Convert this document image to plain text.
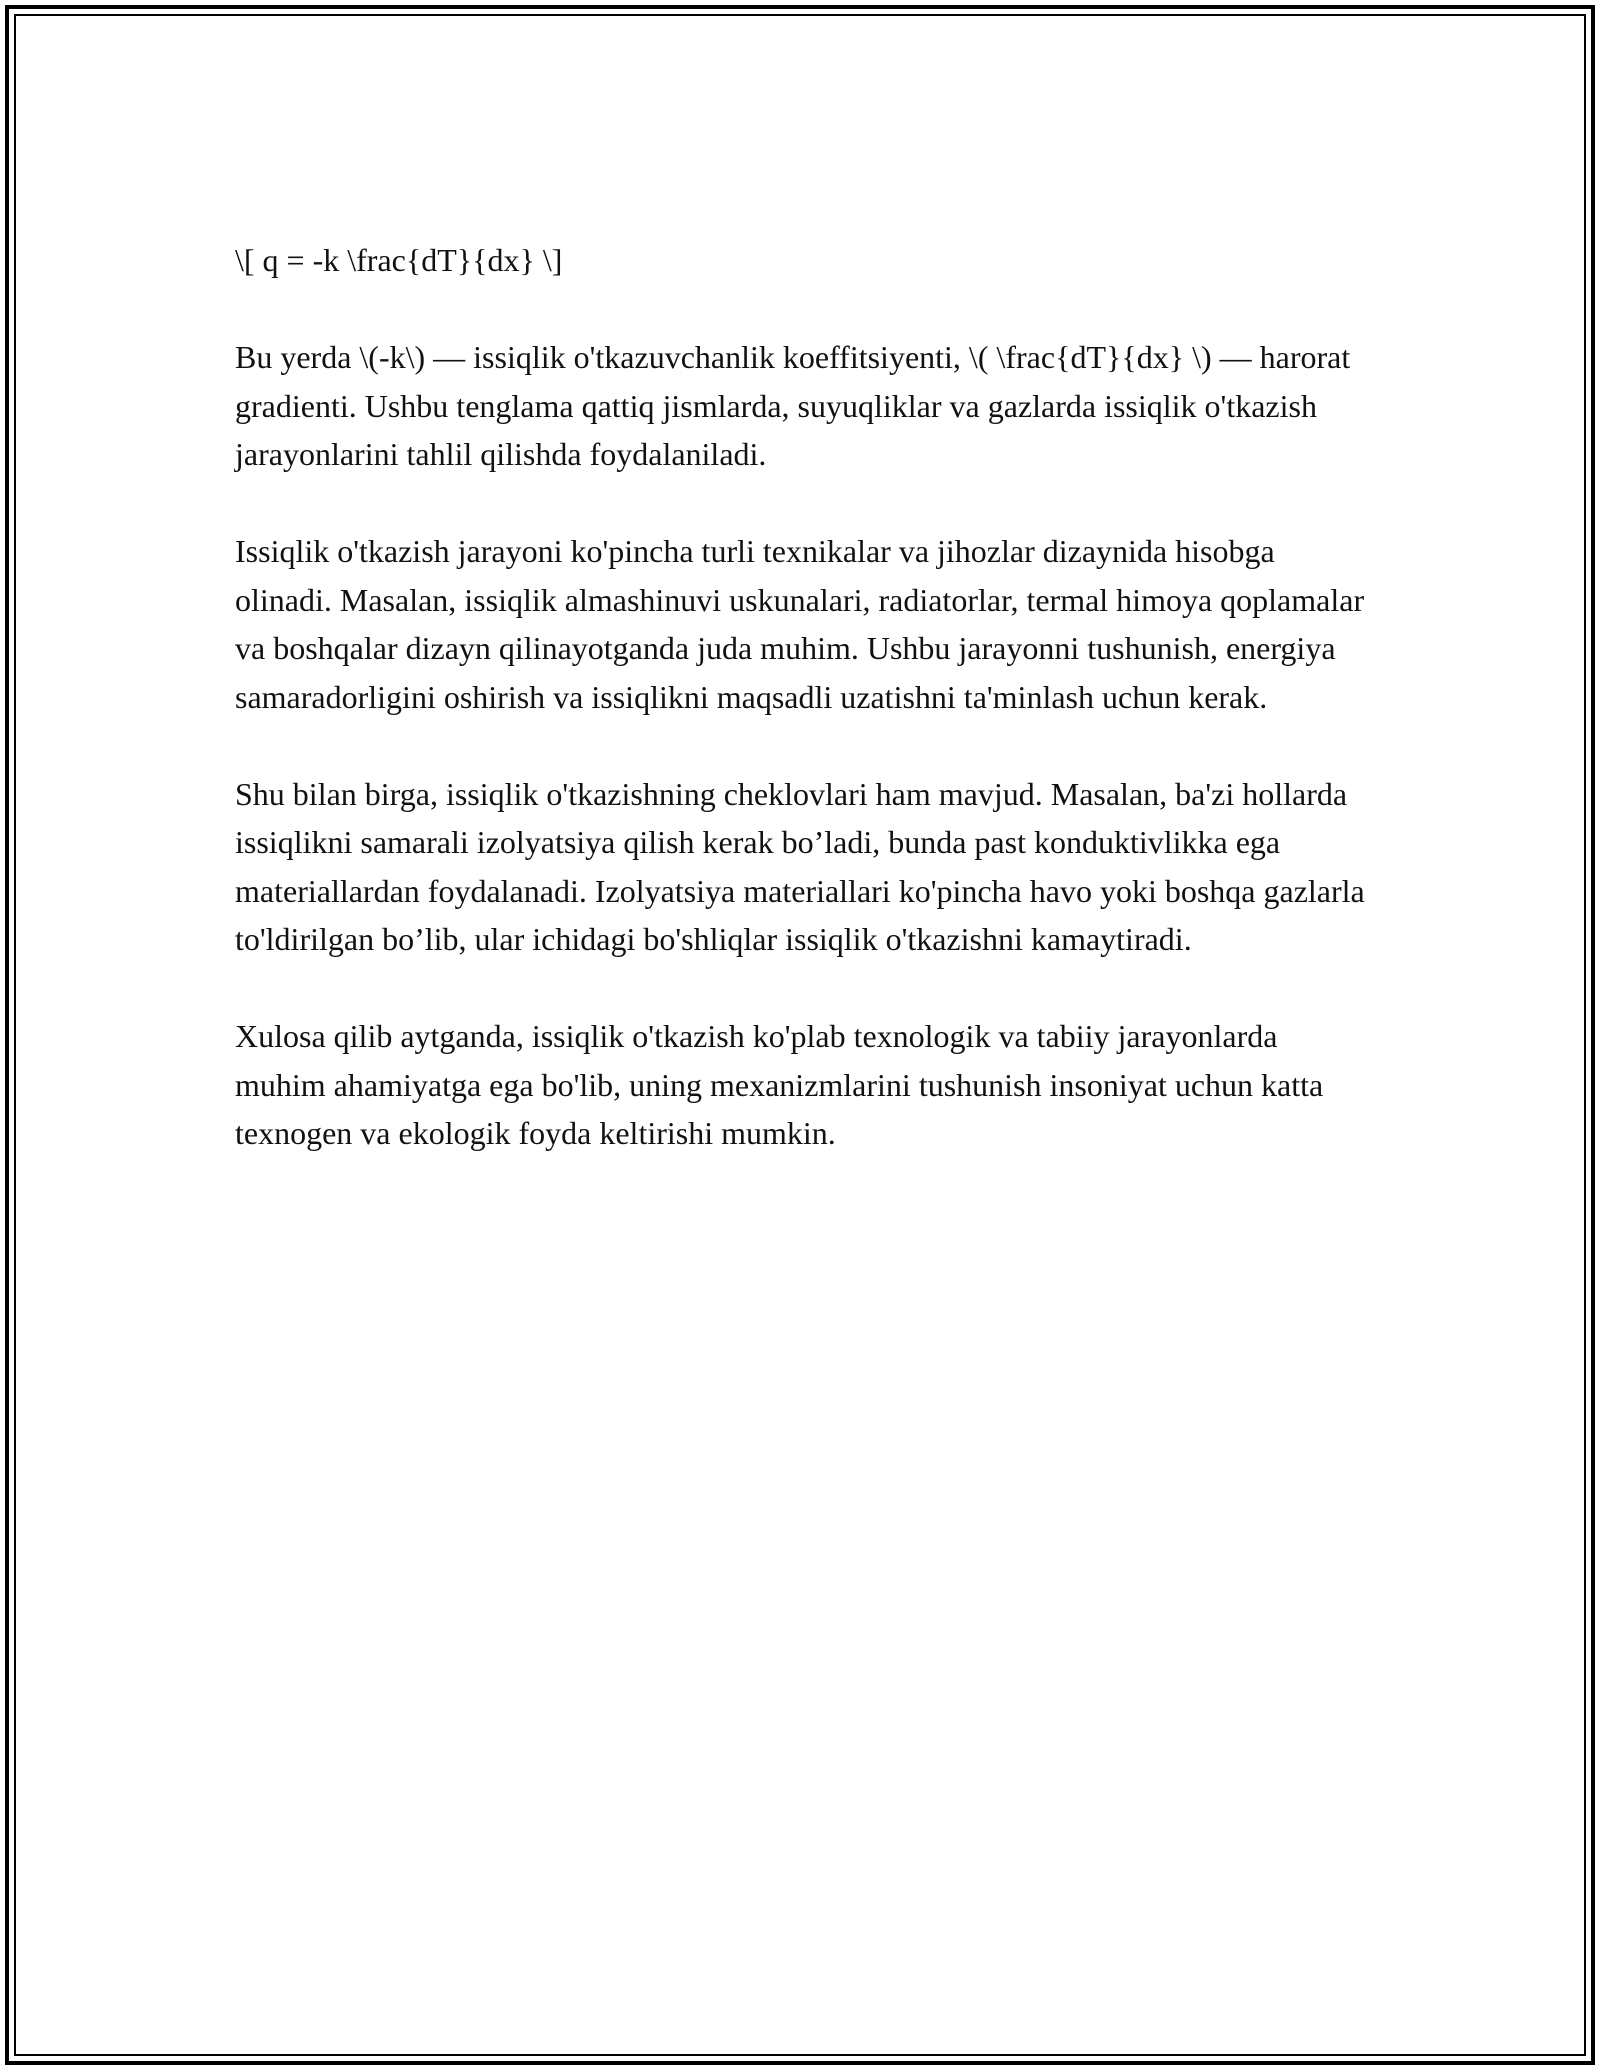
\[ q = -k \frac{dT}{dx} \]

Bu yerda \(-k\) — issiqlik o'tkazuvchanlik koeffitsiyenti, \( \frac{dT}{dx} \) — harorat gradienti. Ushbu tenglama qattiq jismlarda, suyuqliklar va gazlarda issiqlik o'tkazish jarayonlarini tahlil qilishda foydalaniladi.

Issiqlik o'tkazish jarayoni ko'pincha turli texnikalar va jihozlar dizaynida hisobga olinadi. Masalan, issiqlik almashinuvi uskunalari, radiatorlar, termal himoya qoplamalar va boshqalar dizayn qilinayotganda juda muhim. Ushbu jarayonni tushunish, energiya samaradorligini oshirish va issiqlikni maqsadli uzatishni ta'minlash uchun kerak.

Shu bilan birga, issiqlik o'tkazishning cheklovlari ham mavjud. Masalan, ba'zi hollarda issiqlikni samarali izolyatsiya qilish kerak bo’ladi, bunda past konduktivlikka ega materiallardan foydalanadi. Izolyatsiya materiallari ko'pincha havo yoki boshqa gazlarla to'ldirilgan bo’lib, ular ichidagi bo'shliqlar issiqlik o'tkazishni kamaytiradi.

Xulosa qilib aytganda, issiqlik o'tkazish ko'plab texnologik va tabiiy jarayonlarda muhim ahamiyatga ega bo'lib, uning mexanizmlarini tushunish insoniyat uchun katta texnogen va ekologik foyda keltirishi mumkin.
